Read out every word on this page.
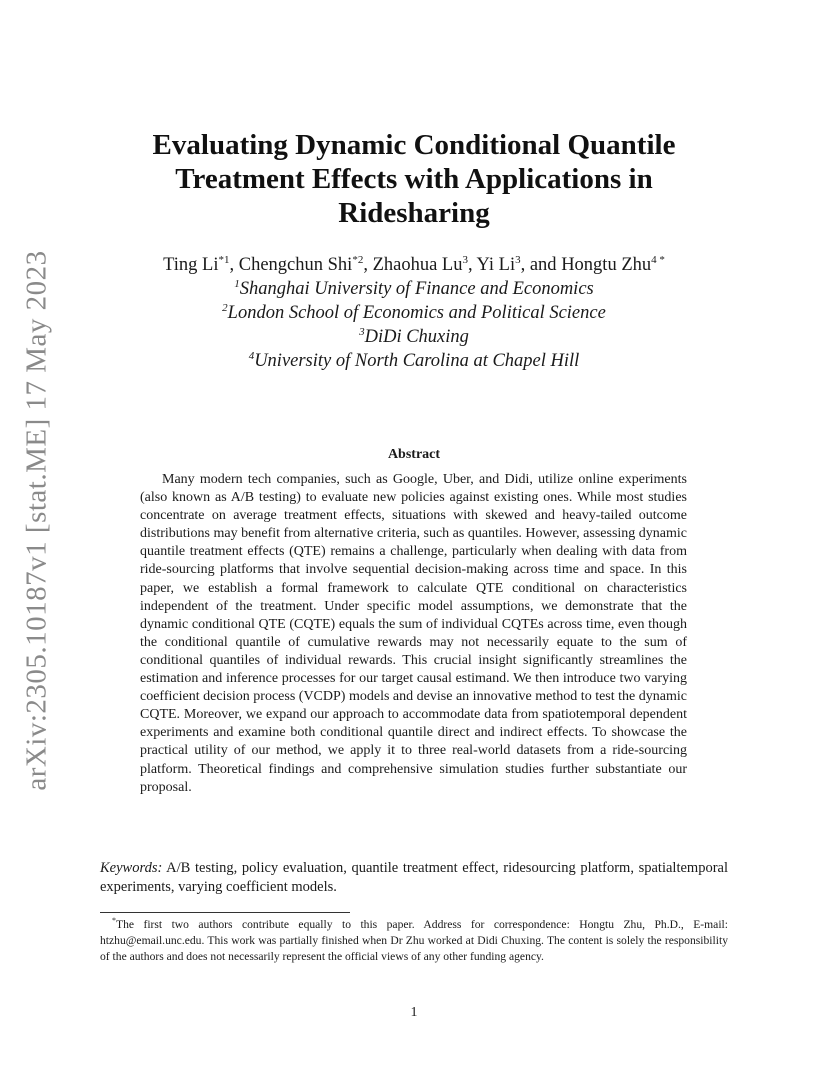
arXiv:2305.10187v1 [stat.ME] 17 May 2023
Evaluating Dynamic Conditional Quantile
Treatment Effects with Applications in
Ridesharing
Ting Li$^{*1}$, Chengchun Shi$^{*2}$, Zhaohua Lu$^3$, Yi Li$^3$, and Hongtu Zhu$^{4 *}$
$^1$Shanghai University of Finance and Economics
$^2$London School of Economics and Political Science
$^3$DiDi Chuxing
$^4$University of North Carolina at Chapel Hill
Abstract

Many modern tech companies, such as Google, Uber, and Didi, utilize online experiments (also known as A/B testing) to evaluate new policies against existing ones. While most studies concentrate on average treatment effects, situations with skewed and heavy-tailed outcome distributions may benefit from alternative criteria, such as quantiles. However, assessing dynamic quantile treatment effects (QTE) remains a challenge, particularly when dealing with data from ride-sourcing platforms that involve sequential decision-making across time and space. In this paper, we establish a formal framework to calculate QTE conditional on characteristics independent of the treatment. Under specific model assumptions, we demonstrate that the dynamic conditional QTE (CQTE) equals the sum of individual CQTEs across time, even though the conditional quantile of cumulative rewards may not necessarily equate to the sum of conditional quantiles of individual rewards. This crucial insight significantly streamlines the estimation and inference processes for our target causal estimand. We then introduce two varying coefficient decision process (VCDP) models and devise an innovative method to test the dynamic CQTE. Moreover, we expand our approach to accommodate data from spatiotemporal dependent experiments and examine both conditional quantile direct and indirect effects. To showcase the practical utility of our method, we apply it to three real-world datasets from a ride-sourcing platform. Theoretical findings and comprehensive simulation studies further substantiate our proposal.

Keywords: A/B testing, policy evaluation, quantile treatment effect, ridesourcing platform, spatialtemporal experiments, varying coefficient models.

*The first two authors contribute equally to this paper. Address for correspondence: Hongtu Zhu, Ph.D., E-mail: htzhu@email.unc.edu. This work was partially finished when Dr Zhu worked at Didi Chuxing. The content is solely the responsibility of the authors and does not necessarily represent the official views of any other funding agency.

1
